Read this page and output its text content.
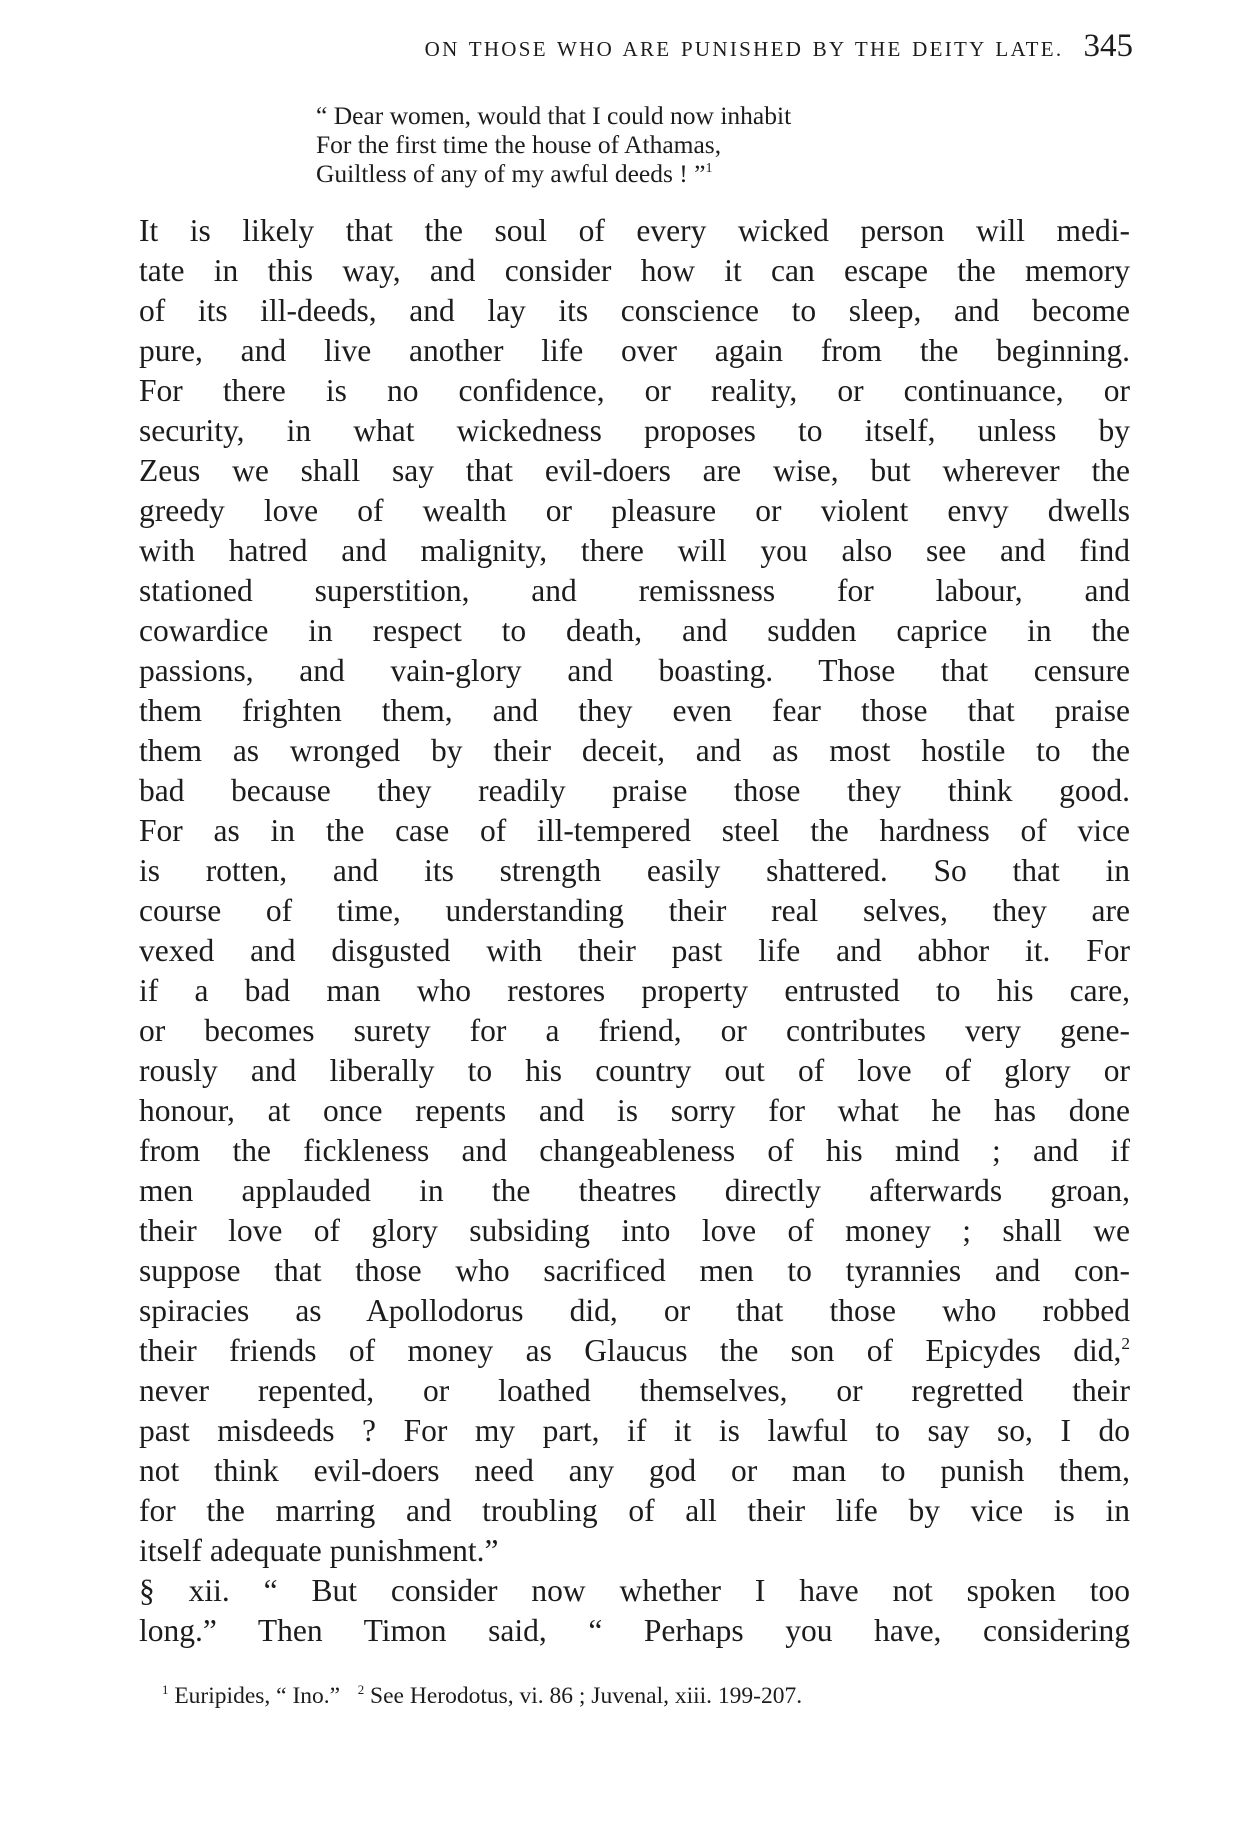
ON THOSE WHO ARE PUNISHED BY THE DEITY LATE. 345
“ Dear women, would that I could now inhabit
For the first time the house of Athamas,
Guiltless of any of my awful deeds ! ”$^1$
It is likely that the soul of every wicked person will medi-
tate in this way, and consider how it can escape the memory
of its ill-deeds, and lay its conscience to sleep, and become
pure, and live another life over again from the beginning.
For there is no confidence, or reality, or continuance, or
security, in what wickedness proposes to itself, unless by
Zeus we shall say that evil-doers are wise, but wherever the
greedy love of wealth or pleasure or violent envy dwells
with hatred and malignity, there will you also see and find
stationed superstition, and remissness for labour, and
cowardice in respect to death, and sudden caprice in the
passions, and vain-glory and boasting. Those that censure
them frighten them, and they even fear those that praise
them as wronged by their deceit, and as most hostile to the
bad because they readily praise those they think good.
For as in the case of ill-tempered steel the hardness of vice
is rotten, and its strength easily shattered. So that in
course of time, understanding their real selves, they are
vexed and disgusted with their past life and abhor it. For
if a bad man who restores property entrusted to his care,
or becomes surety for a friend, or contributes very gene-
rously and liberally to his country out of love of glory or
honour, at once repents and is sorry for what he has done
from the fickleness and changeableness of his mind ; and if
men applauded in the theatres directly afterwards groan,
their love of glory subsiding into love of money ; shall we
suppose that those who sacrificed men to tyrannies and con-
spiracies as Apollodorus did, or that those who robbed
their friends of money as Glaucus the son of Epicydes did,$^2$
never repented, or loathed themselves, or regretted their
past misdeeds ? For my part, if it is lawful to say so, I do
not think evil-doers need any god or man to punish them,
for the marring and troubling of all their life by vice is in
itself adequate punishment.”
§ xii. “ But consider now whether I have not spoken too
long.” Then Timon said, “ Perhaps you have, considering
$^1$ Euripides, “ Ino.” $^2$ See Herodotus, vi. 86 ; Juvenal, xiii. 199-207.
